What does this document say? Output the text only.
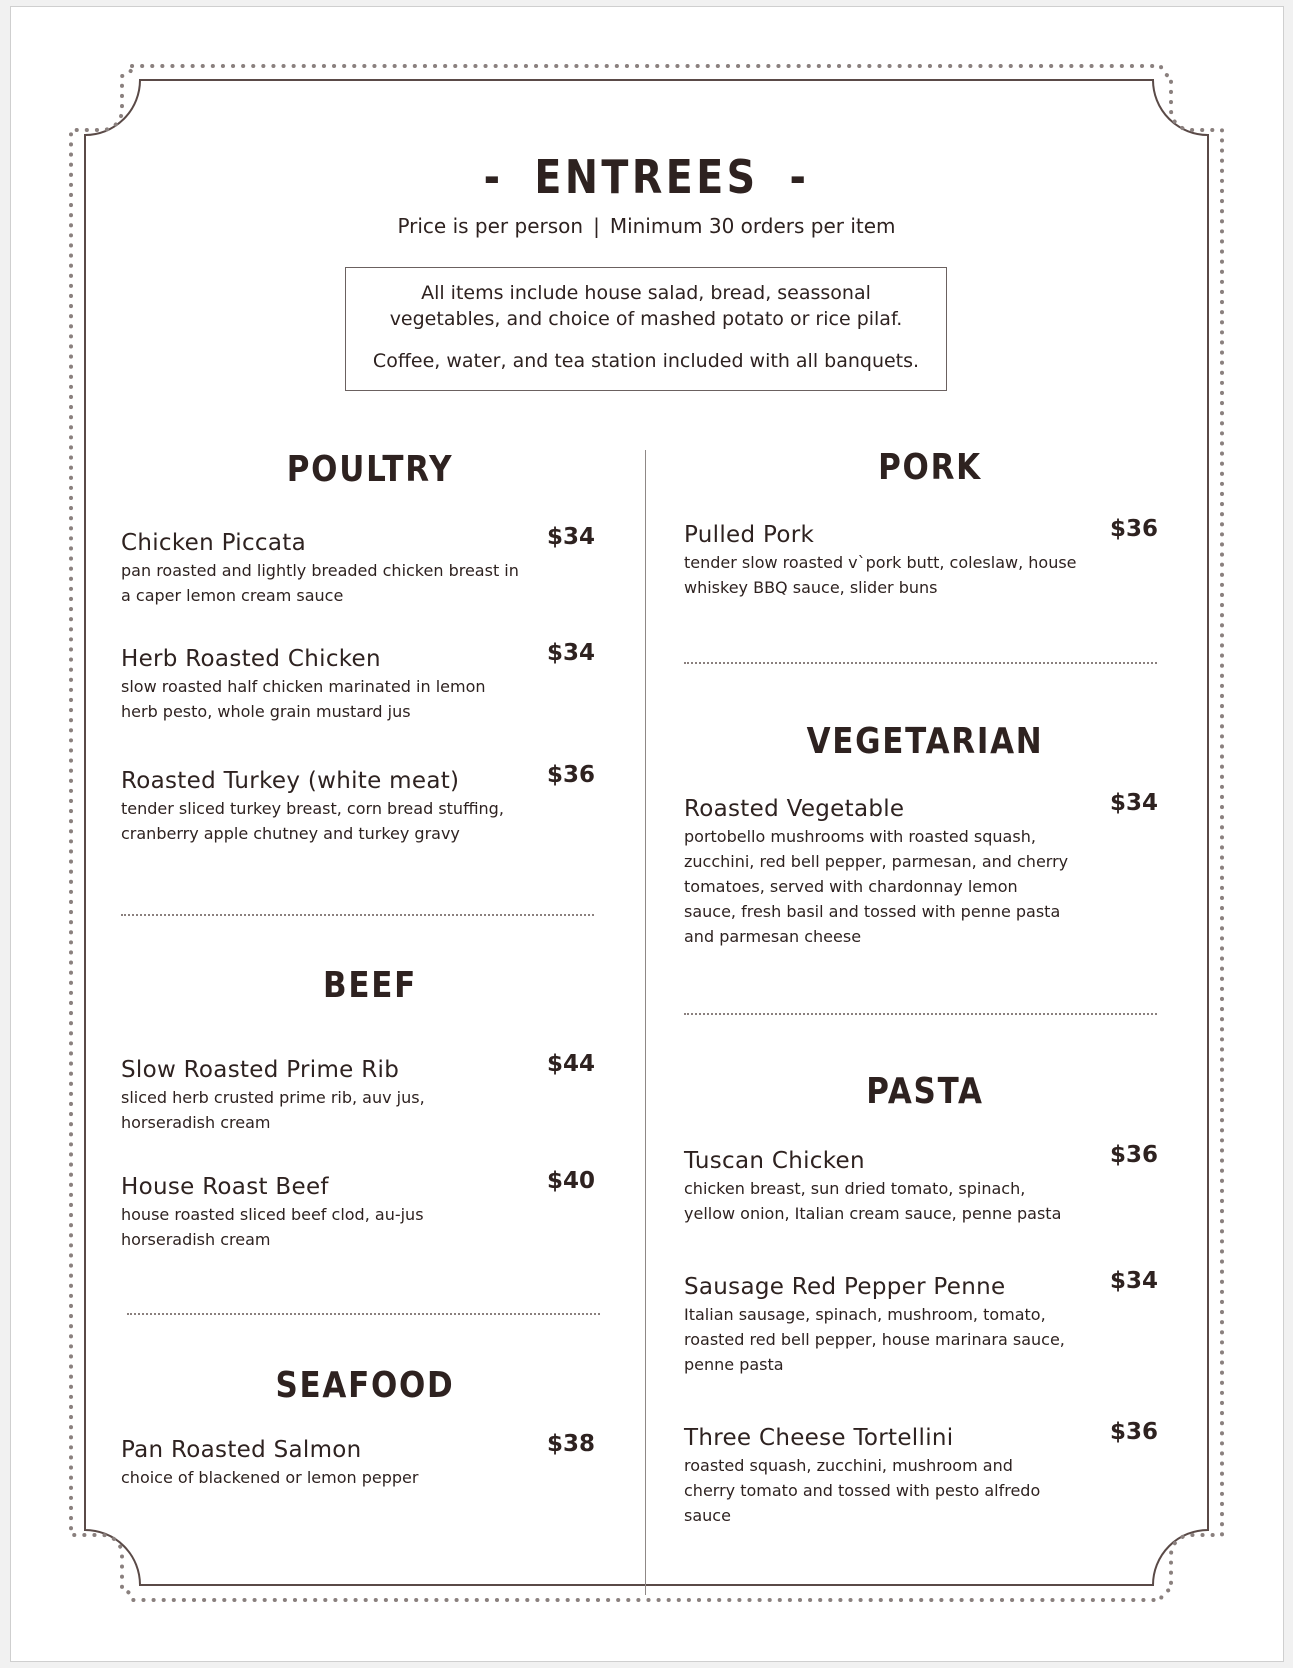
- ENTREES -
Price is per person | Minimum 30 orders per item
All items include house salad, bread, seassonal vegetables, and choice of mashed potato or rice pilaf.
Coffee, water, and tea station included with all banquets.
POULTRY
Chicken Piccata	$34
pan roasted and lightly breaded chicken breast in a caper lemon cream sauce
Herb Roasted Chicken	$34
slow roasted half chicken marinated in lemon herb pesto, whole grain mustard jus
Roasted Turkey (white meat)	$36
tender sliced turkey breast, corn bread stuffing, cranberry apple chutney and turkey gravy
BEEF
Slow Roasted Prime Rib	$44
sliced herb crusted prime rib, auv jus, horseradish cream
House Roast Beef	$40
house roasted sliced beef clod, au-jus horseradish cream
SEAFOOD
Pan Roasted Salmon	$38
choice of blackened or lemon pepper
PORK
Pulled Pork	$36
tender slow roasted v`pork butt, coleslaw, house whiskey BBQ sauce, slider buns
VEGETARIAN
Roasted Vegetable	$34
portobello mushrooms with roasted squash, zucchini, red bell pepper, parmesan, and cherry tomatoes, served with chardonnay lemon sauce, fresh basil and tossed with penne pasta and parmesan cheese
PASTA
Tuscan Chicken	$36
chicken breast, sun dried tomato, spinach, yellow onion, Italian cream sauce, penne pasta
Sausage Red Pepper Penne	$34
Italian sausage, spinach, mushroom, tomato, roasted red bell pepper, house marinara sauce, penne pasta
Three Cheese Tortellini	$36
roasted squash, zucchini, mushroom and cherry tomato and tossed with pesto alfredo sauce
